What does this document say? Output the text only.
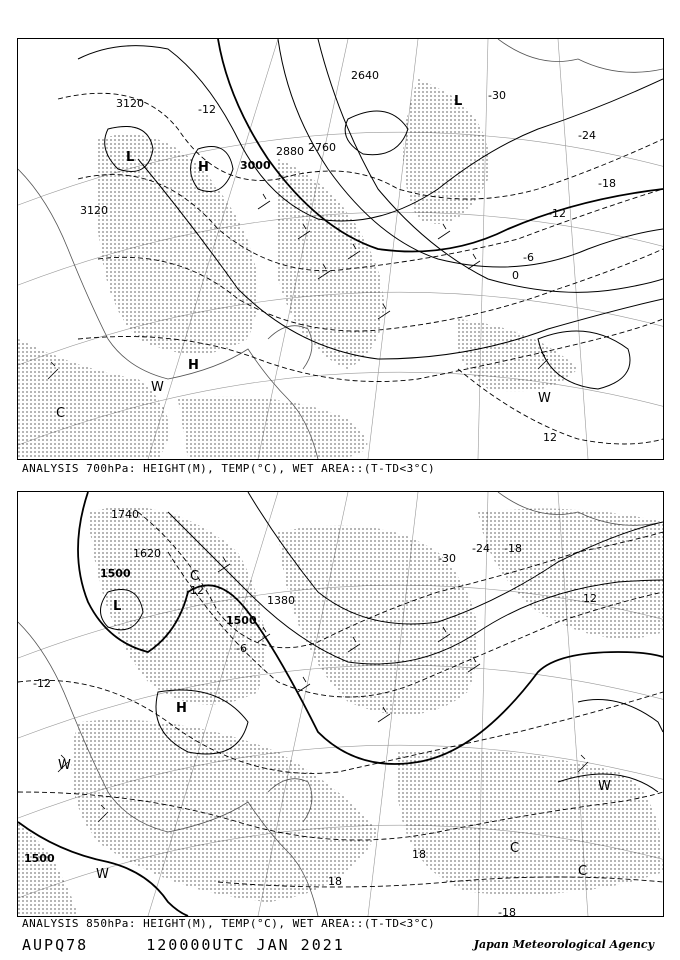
3120
3120
3000
2880 2760
2640
-30
-24
-18
-12
-6
0
12
-12
L
L
H
H
W
W
C
ANALYSIS 700hPa: HEIGHT(M), TEMP(°C), WET AREA::(T-TD<3°C)
1500
1620
1500
1380
1500
1740
-30
-24 -18
-12
-6
12
-12
18
18
-18
L
C
H
W
W
W
C
C
ANALYSIS 850hPa: HEIGHT(M), TEMP(°C), WET AREA::(T-TD<3°C)
AUPQ78	120000UTC JAN 2021	Japan Meteorological Agency
